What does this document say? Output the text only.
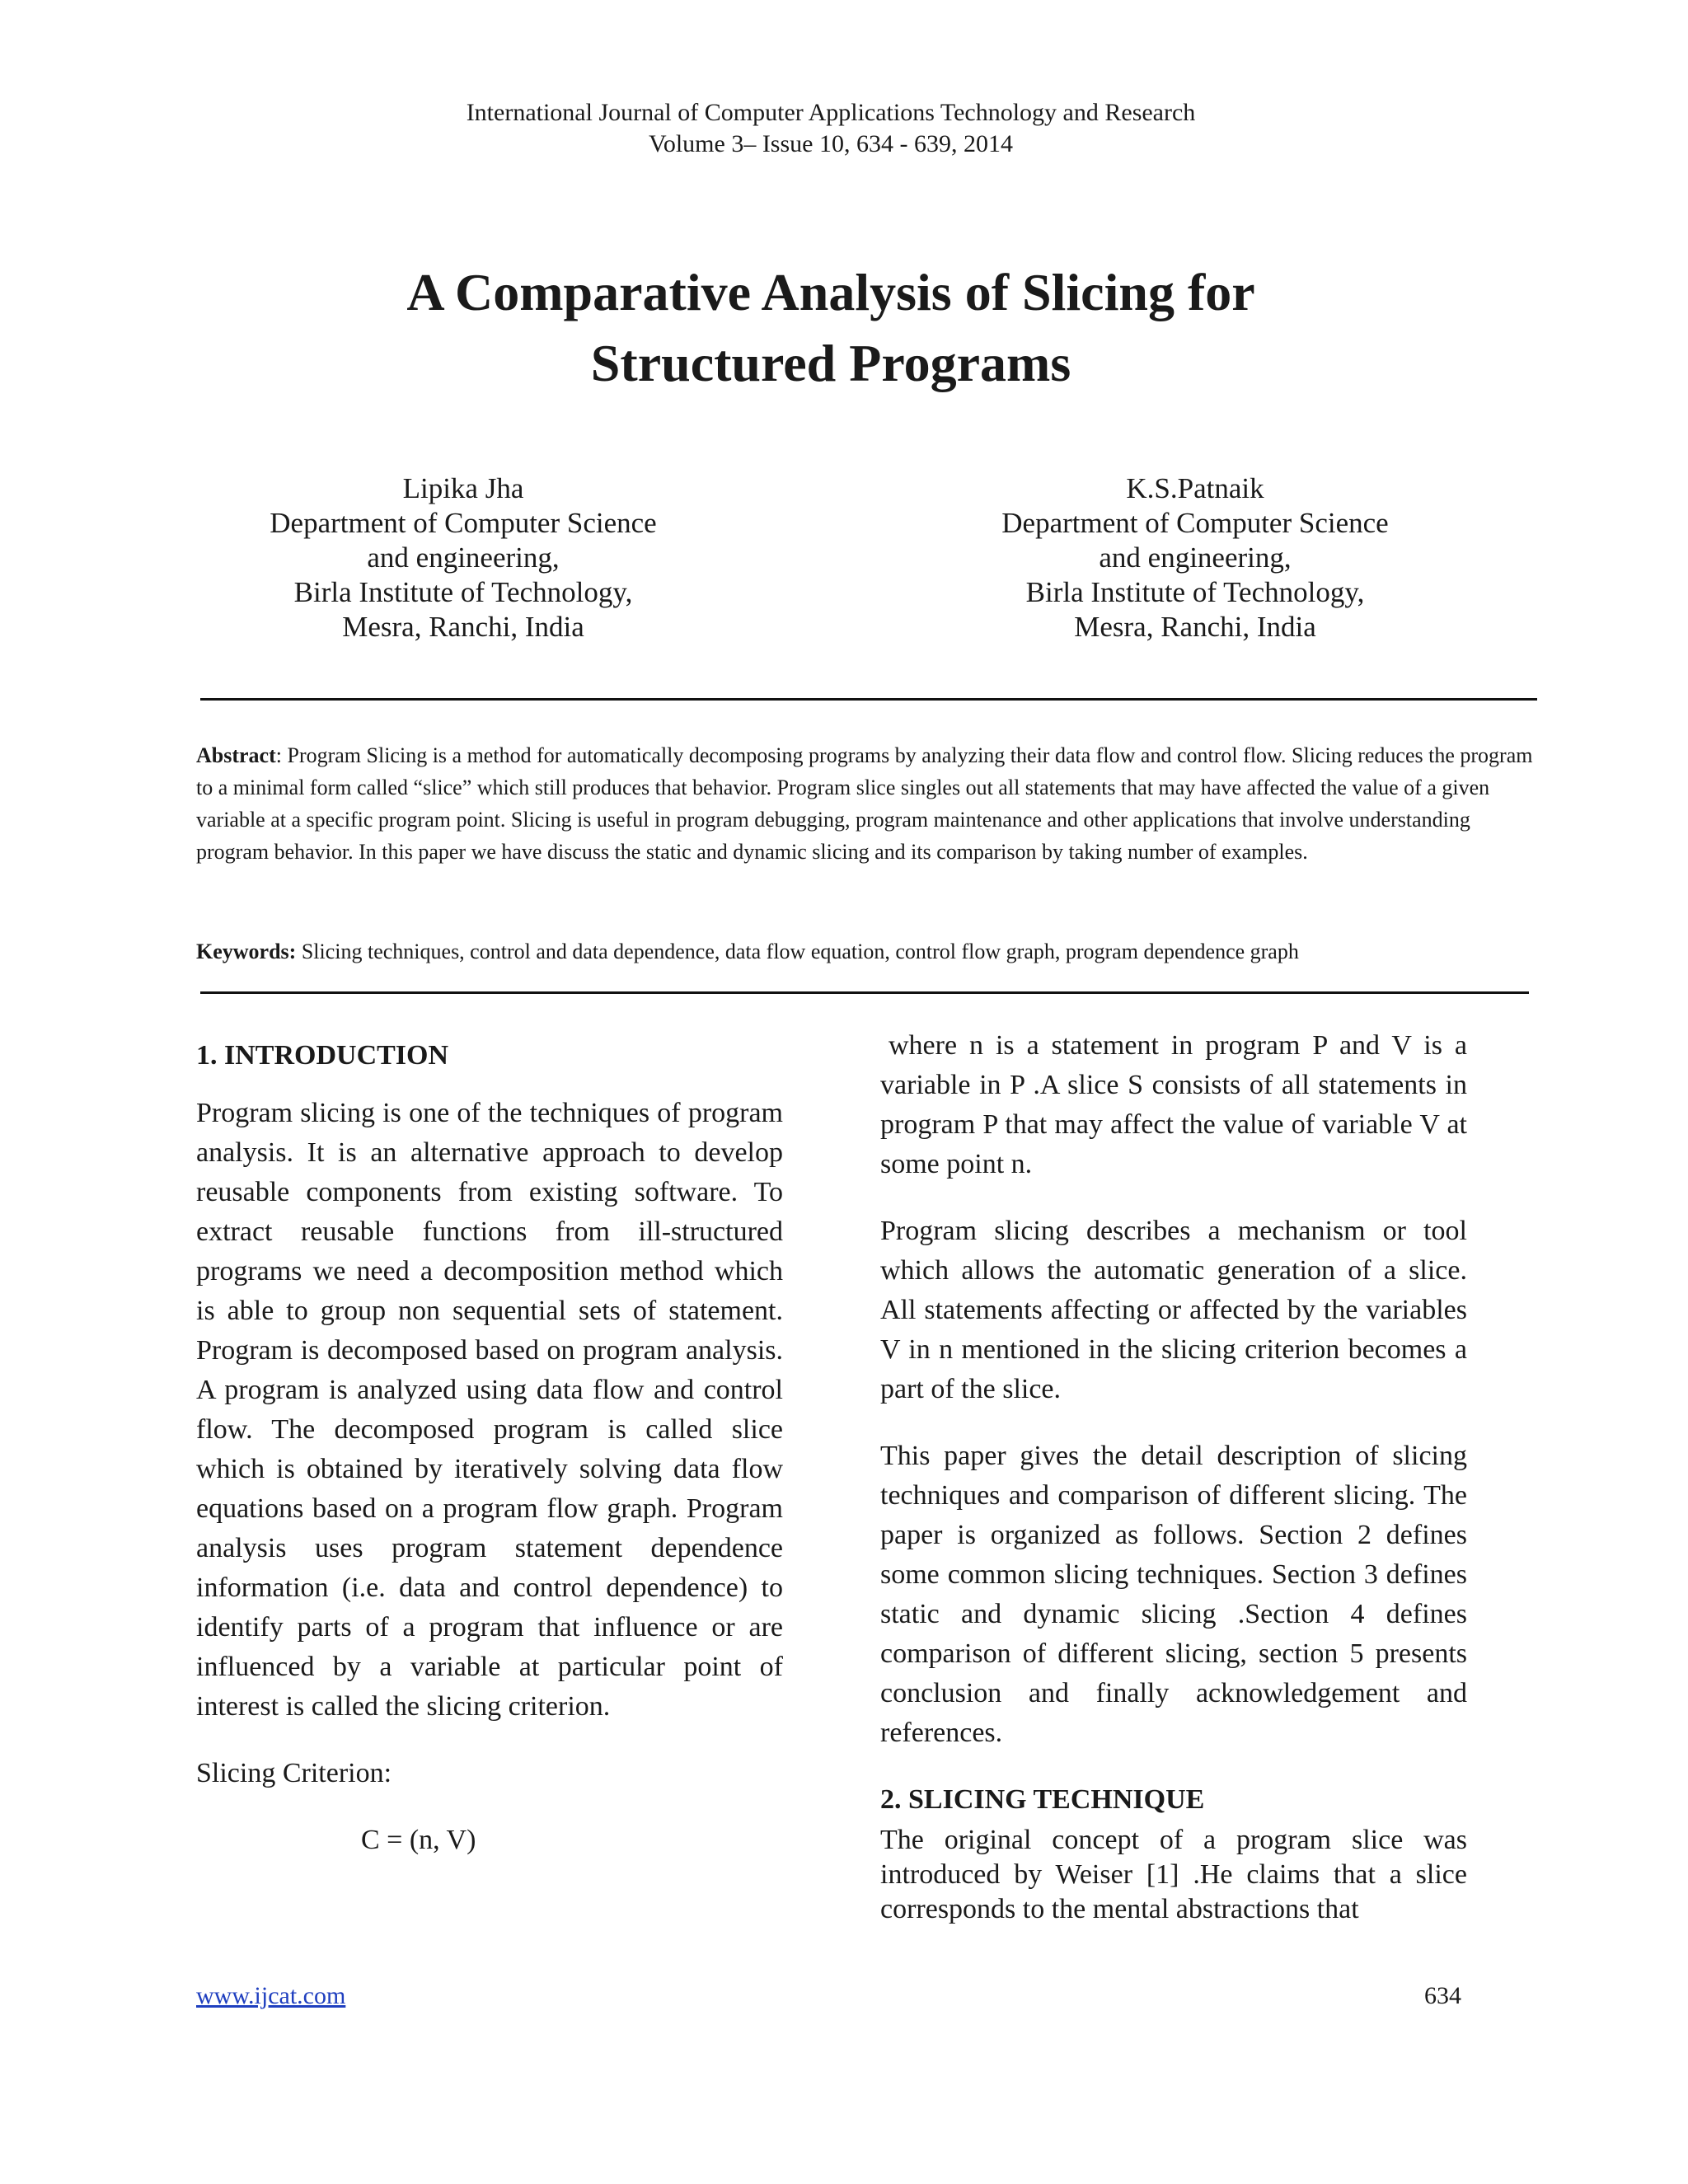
International Journal of Computer Applications Technology and Research
Volume 3– Issue 10, 634 - 639, 2014
A Comparative Analysis of Slicing for
Structured Programs
Lipika Jha
Department of Computer Science
and engineering,
Birla Institute of Technology,
Mesra, Ranchi, India
K.S.Patnaik
Department of Computer Science
and engineering,
Birla Institute of Technology,
Mesra, Ranchi, India
Abstract: Program Slicing is a method for automatically decomposing programs by analyzing their data flow and control flow. Slicing reduces the program to a minimal form called “slice” which still produces that behavior. Program slice singles out all statements that may have affected the value of a given variable at a specific program point. Slicing is useful in program debugging, program maintenance and other applications that involve understanding program behavior. In this paper we have discuss the static and dynamic slicing and its comparison by taking number of examples.
Keywords: Slicing techniques, control and data dependence, data flow equation, control flow graph, program dependence graph
1. INTRODUCTION

Program slicing is one of the techniques of program analysis. It is an alternative approach to develop reusable components from existing software. To extract reusable functions from ill-structured programs we need a decomposition method which is able to group non sequential sets of statement. Program is decomposed based on program analysis. A program is analyzed using data flow and control flow. The decomposed program is called slice which is obtained by iteratively solving data flow equations based on a program flow graph. Program analysis uses program statement dependence information (i.e. data and control dependence) to identify parts of a program that influence or are influenced by a variable at particular point of interest is called the slicing criterion.

Slicing Criterion:

C = (n, V)

where n is a statement in program P and V is a variable in P .A slice S consists of all statements in program P that may affect the value of variable V at some point n.

Program slicing describes a mechanism or tool which allows the automatic generation of a slice. All statements affecting or affected by the variables V in n mentioned in the slicing criterion becomes a part of the slice.

This paper gives the detail description of slicing techniques and comparison of different slicing. The paper is organized as follows. Section 2 defines some common slicing techniques. Section 3 defines static and dynamic slicing .Section 4 defines comparison of different slicing, section 5 presents conclusion and finally acknowledgement and references.

2. SLICING TECHNIQUE

The original concept of a program slice was introduced by Weiser [1] .He claims that a slice corresponds to the mental abstractions that

www.ijcat.com	634
